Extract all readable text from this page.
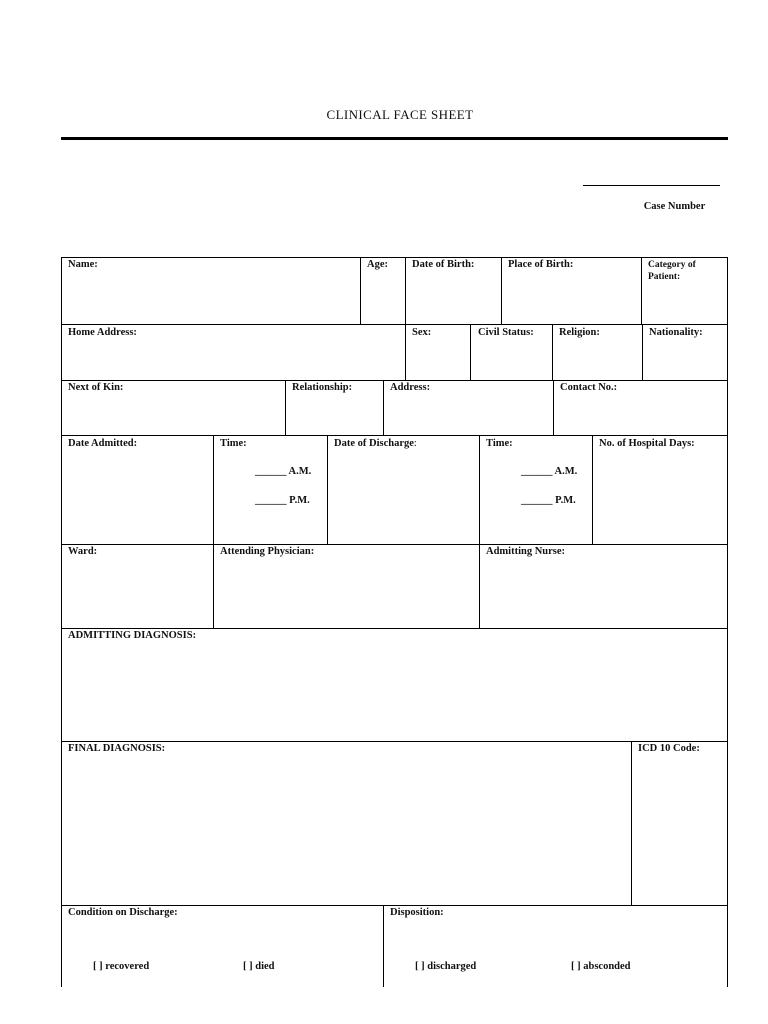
CLINICAL FACE SHEET
Case Number
Name:	Age: Date of Birth:	Place of Birth:	Category of
Patient:
Home Address:	Sex:	Civil Status: Religion:	Nationality:
Next of Kin:	Relationship:	Address:	Contact No.:
Date Admitted:	Time:
______ A.M.
______ P.M.
Date of Discharge:	Time:
______ A.M.
______ P.M.
No. of Hospital Days:
Ward:	Attending Physician:	Admitting Nurse:
ADMITTING DIAGNOSIS:
FINAL DIAGNOSIS:	ICD 10 Code:
Condition on Discharge:	Disposition:
[ ] recovered	[ ] died	[ ] discharged	[ ] absconded
